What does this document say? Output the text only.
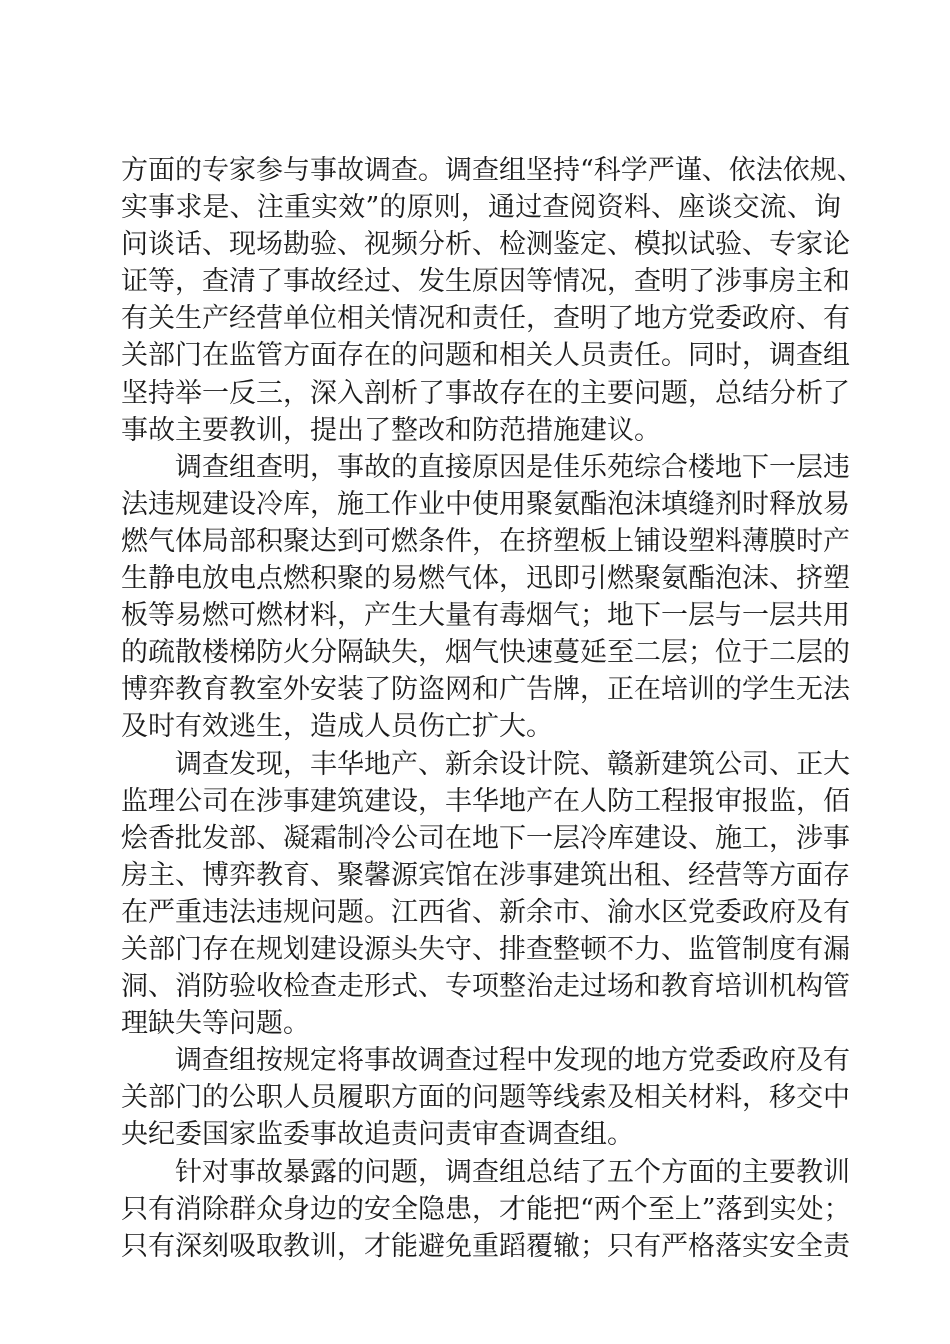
方面的专家参与事故调查。调查组坚持“科学严谨、依法依规、
实事求是、注重实效”的原则，通过查阅资料、座谈交流、询
问谈话、现场勘验、视频分析、检测鉴定、模拟试验、专家论
证等，查清了事故经过、发生原因等情况，查明了涉事房主和
有关生产经营单位相关情况和责任，查明了地方党委政府、有
关部门在监管方面存在的问题和相关人员责任。同时，调查组
坚持举一反三，深入剖析了事故存在的主要问题，总结分析了
事故主要教训，提出了整改和防范措施建议。
调查组查明，事故的直接原因是佳乐苑综合楼地下一层违
法违规建设冷库，施工作业中使用聚氨酯泡沫填缝剂时释放易
燃气体局部积聚达到可燃条件，在挤塑板上铺设塑料薄膜时产
生静电放电点燃积聚的易燃气体，迅即引燃聚氨酯泡沫、挤塑
板等易燃可燃材料，产生大量有毒烟气；地下一层与一层共用
的疏散楼梯防火分隔缺失，烟气快速蔓延至二层；位于二层的
博弈教育教室外安装了防盗网和广告牌，正在培训的学生无法
及时有效逃生，造成人员伤亡扩大。
调查发现，丰华地产、新余设计院、赣新建筑公司、正大
监理公司在涉事建筑建设，丰华地产在人防工程报审报监，佰
烩香批发部、凝霜制冷公司在地下一层冷库建设、施工，涉事
房主、博弈教育、聚馨源宾馆在涉事建筑出租、经营等方面存
在严重违法违规问题。江西省、新余市、渝水区党委政府及有
关部门存在规划建设源头失守、排查整顿不力、监管制度有漏
洞、消防验收检查走形式、专项整治走过场和教育培训机构管
理缺失等问题。
调查组按规定将事故调查过程中发现的地方党委政府及有
关部门的公职人员履职方面的问题等线索及相关材料，移交中
央纪委国家监委事故追责问责审查调查组。
针对事故暴露的问题，调查组总结了五个方面的主要教训
只有消除群众身边的安全隐患，才能把“两个至上”落到实处；
只有深刻吸取教训，才能避免重蹈覆辙；只有严格落实安全责
